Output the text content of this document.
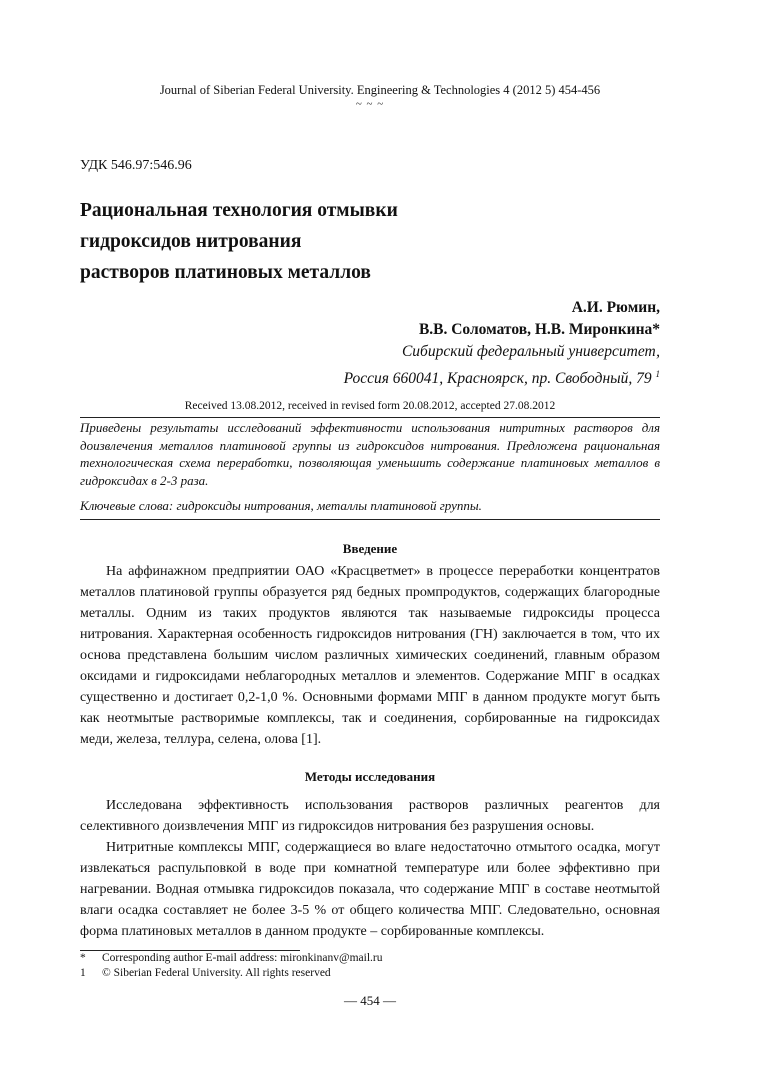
Journal of Siberian Federal University. Engineering & Technologies 4 (2012 5) 454-456
~ ~ ~
УДК 546.97:546.96
Рациональная технология отмывки
гидроксидов нитрования
растворов платиновых металлов
А.И. Рюмин,
В.В. Соломатов, Н.В. Миронкина*
Сибирский федеральный университет,
Россия 660041, Красноярск, пр. Свободный, 79 $^1$
Received 13.08.2012, received in revised form 20.08.2012, accepted 27.08.2012
Приведены результаты исследований эффективности использования нитритных растворов для доизвлечения металлов платиновой группы из гидроксидов нитрования. Предложена рациональная технологическая схема переработки, позволяющая уменьшить содержание платиновых металлов в гидроксидах в 2-3 раза.
Ключевые слова: гидроксиды нитрования, металлы платиновой группы.
Введение

На аффинажном предприятии ОАО «Красцветмет» в процессе переработки концентратов металлов платиновой группы образуется ряд бедных промпродуктов, содержащих благородные металлы. Одним из таких продуктов являются так называемые гидроксиды процесса нитрования. Характерная особенность гидроксидов нитрования (ГН) заключается в том, что их основа представлена большим числом различных химических соединений, главным образом оксидами и гидроксидами неблагородных металлов и элементов. Содержание МПГ в осадках существенно и достигает 0,2-1,0 %. Основными формами МПГ в данном продукте могут быть как неотмытые растворимые комплексы, так и соединения, сорбированные на гидроксидах меди, железа, теллура, селена, олова [1].

Методы исследования

Исследована эффективность использования растворов различных реагентов для селективного доизвлечения МПГ из гидроксидов нитрования без разрушения основы.

Нитритные комплексы МПГ, содержащиеся во влаге недостаточно отмытого осадка, могут извлекаться распульповкой в воде при комнатной температуре или более эффективно при нагревании. Водная отмывка гидроксидов показала, что содержание МПГ в составе неотмытой влаги осадка составляет не более 3-5 % от общего количества МПГ. Следовательно, основная форма платиновых металлов в данном продукте – сорбированные комплексы.

* Corresponding author E-mail address: mironkinanv@mail.ru
1 © Siberian Federal University. All rights reserved
— 454 —
